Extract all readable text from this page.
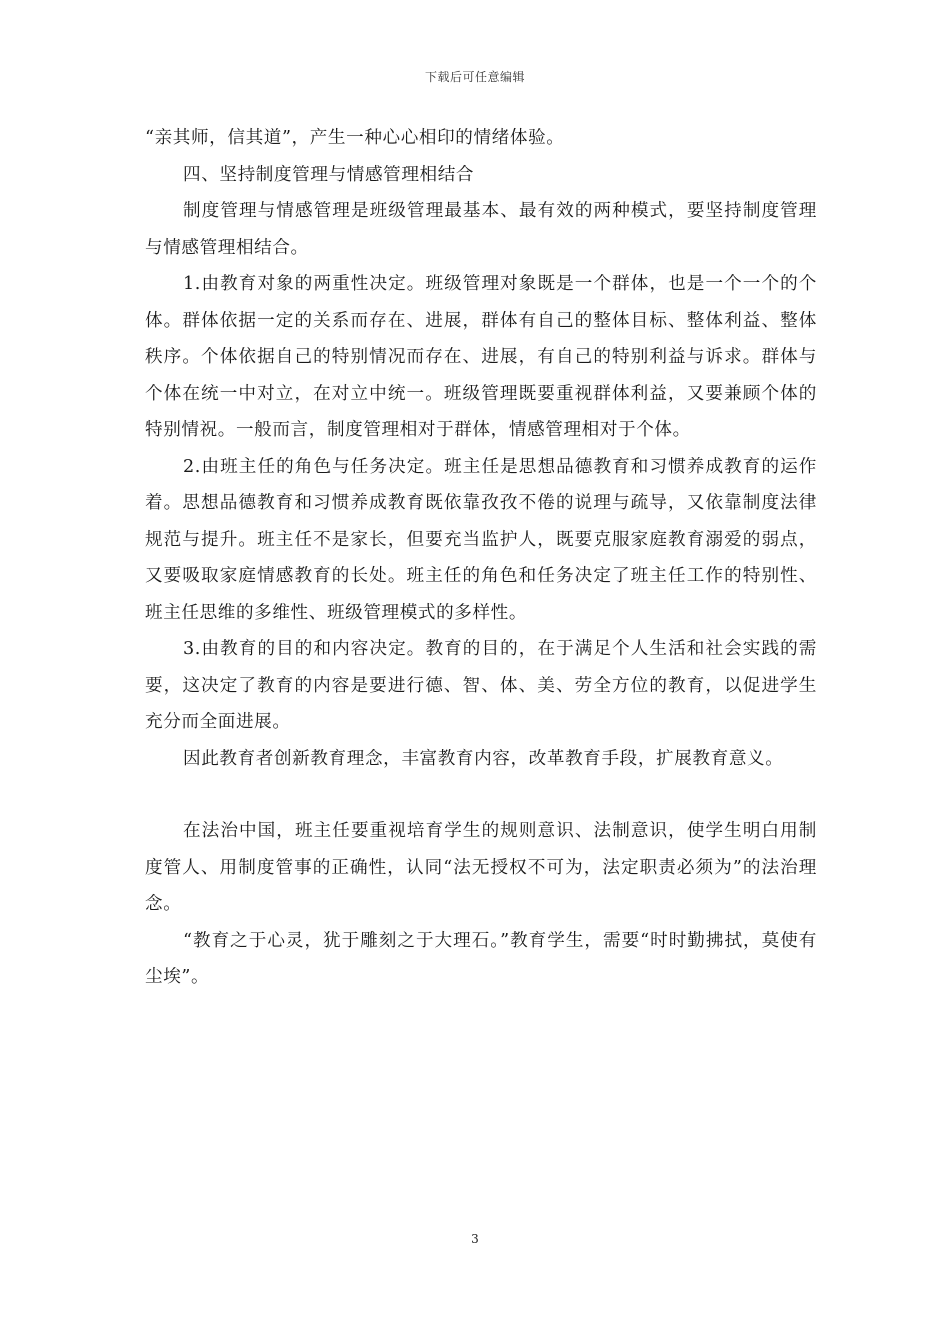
下载后可任意编辑

“亲其师，信其道”，产生一种心心相印的情绪体验。

四、坚持制度管理与情感管理相结合

制度管理与情感管理是班级管理最基本、最有效的两种模式，要坚持制度管理与情感管理相结合。

1.由教育对象的两重性决定。班级管理对象既是一个群体，也是一个一个的个体。群体依据一定的关系而存在、进展，群体有自己的整体目标、整体利益、整体秩序。个体依据自己的特别情况而存在、进展，有自己的特别利益与诉求。群体与个体在统一中对立，在对立中统一。班级管理既要重视群体利益，又要兼顾个体的特别情祝。一般而言，制度管理相对于群体，情感管理相对于个体。

2.由班主任的角色与任务决定。班主任是思想品德教育和习惯养成教育的运作着。思想品德教育和习惯养成教育既依靠孜孜不倦的说理与疏导，又依靠制度法律规范与提升。班主任不是家长，但要充当监护人，既要克服家庭教育溺爱的弱点，又要吸取家庭情感教育的长处。班主任的角色和任务决定了班主任工作的特别性、班主任思维的多维性、班级管理模式的多样性。

3.由教育的目的和内容决定。教育的目的，在于满足个人生活和社会实践的需要，这决定了教育的内容是要进行德、智、体、美、劳全方位的教育，以促进学生充分而全面进展。

因此教育者创新教育理念，丰富教育内容，改革教育手段，扩展教育意义。

在法治中国，班主任要重视培育学生的规则意识、法制意识，使学生明白用制度管人、用制度管事的正确性，认同“法无授权不可为，法定职责必须为”的法治理念。

“教育之于心灵，犹于雕刻之于大理石。”教育学生，需要“时时勤拂拭，莫使有尘埃”。

3
